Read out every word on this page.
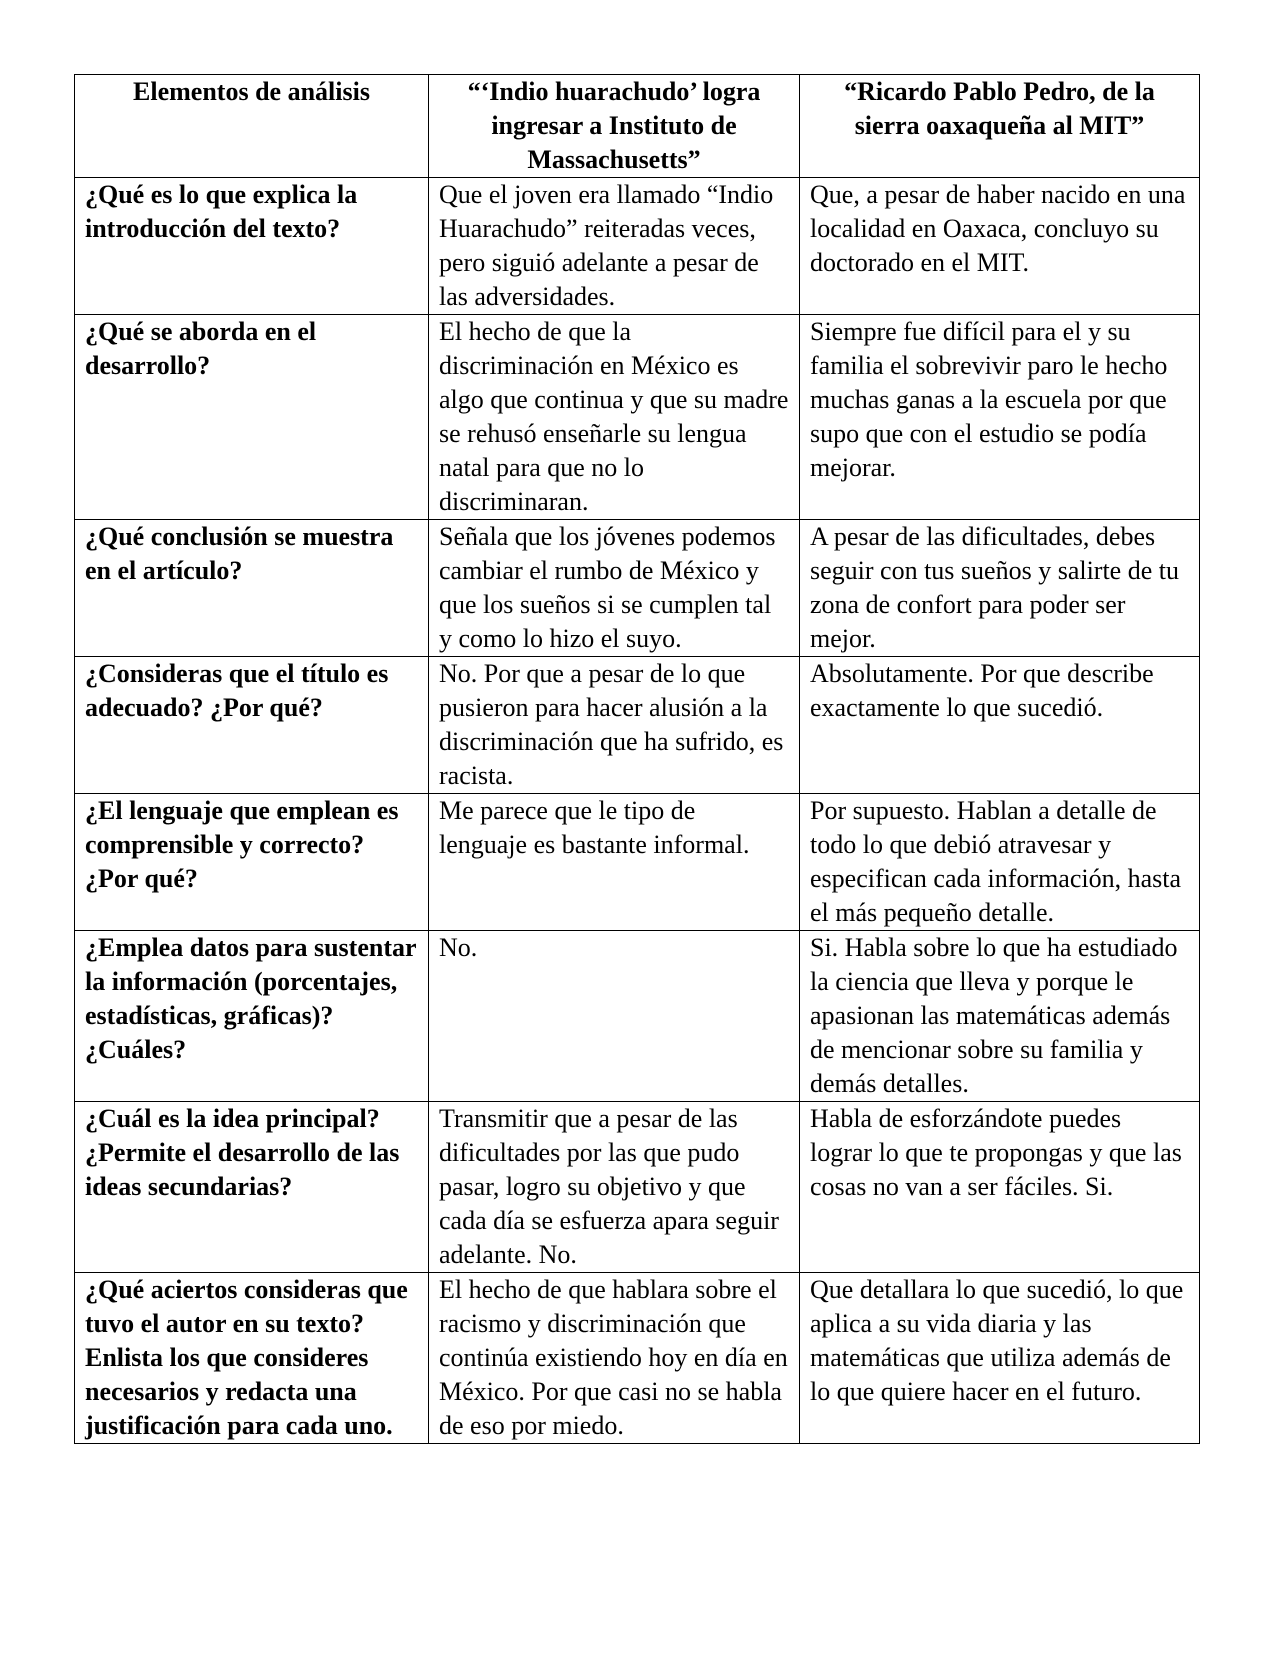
Elementos de análisis	“‘Indio huarachudo’ logra ingresar a Instituto de Massachusetts”	“Ricardo Pablo Pedro, de la sierra oaxaqueña al MIT”
¿Qué es lo que explica la introducción del texto?	Que el joven era llamado “Indio Huarachudo” reiteradas veces, pero siguió adelante a pesar de las adversidades.	Que, a pesar de haber nacido en una localidad en Oaxaca, concluyo su doctorado en el MIT.
¿Qué se aborda en el desarrollo?	El hecho de que la discriminación en México es algo que continua y que su madre se rehusó enseñarle su lengua natal para que no lo discriminaran.	Siempre fue difícil para el y su familia el sobrevivir paro le hecho muchas ganas a la escuela por que supo que con el estudio se podía mejorar.
¿Qué conclusión se muestra en el artículo?	Señala que los jóvenes podemos cambiar el rumbo de México y que los sueños si se cumplen tal y como lo hizo el suyo.	A pesar de las dificultades, debes seguir con tus sueños y salirte de tu zona de confort para poder ser mejor.
¿Consideras que el título es adecuado? ¿Por qué?	No. Por que a pesar de lo que pusieron para hacer alusión a la discriminación que ha sufrido, es racista.	Absolutamente. Por que describe exactamente lo que sucedió.
¿El lenguaje que emplean es comprensible y correcto? ¿Por qué?	Me parece que le tipo de lenguaje es bastante informal.	Por supuesto. Hablan a detalle de todo lo que debió atravesar y especifican cada información, hasta el más pequeño detalle.
¿Emplea datos para sustentar la información (porcentajes, estadísticas, gráficas)? ¿Cuáles?	No.	Si. Habla sobre lo que ha estudiado la ciencia que lleva y porque le apasionan las matemáticas además de mencionar sobre su familia y demás detalles.
¿Cuál es la idea principal? ¿Permite el desarrollo de las ideas secundarias?	Transmitir que a pesar de las dificultades por las que pudo pasar, logro su objetivo y que cada día se esfuerza apara seguir adelante. No.	Habla de esforzándote puedes lograr lo que te propongas y que las cosas no van a ser fáciles. Si.
¿Qué aciertos consideras que tuvo el autor en su texto? Enlista los que consideres necesarios y redacta una justificación para cada uno.	El hecho de que hablara sobre el racismo y discriminación que continúa existiendo hoy en día en México. Por que casi no se habla de eso por miedo.	Que detallara lo que sucedió, lo que aplica a su vida diaria y las matemáticas que utiliza además de lo que quiere hacer en el futuro.
